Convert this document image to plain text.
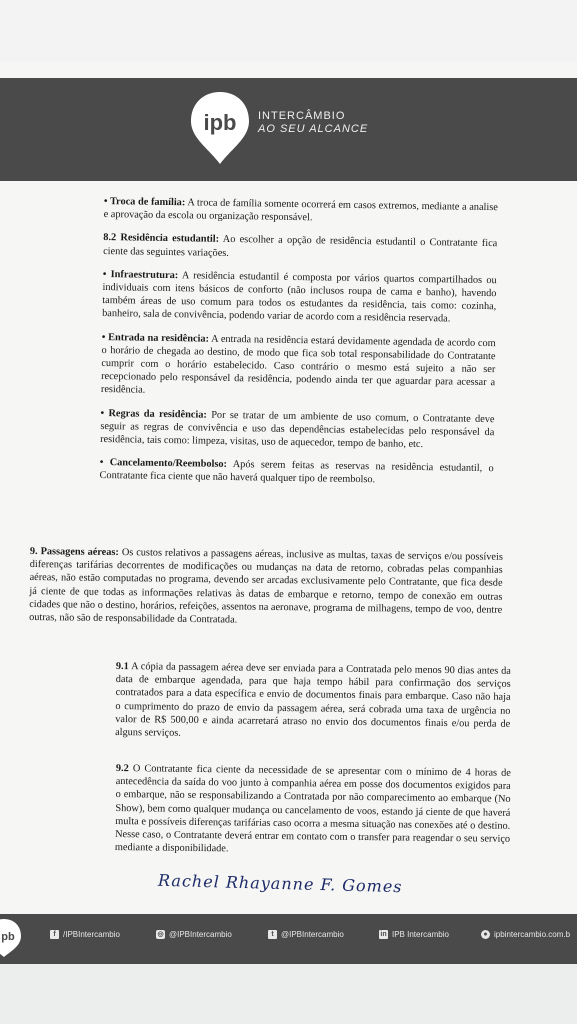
ipb INTERCÂMBIO
AO SEU ALCANCE

• Troca de família: A troca de família somente ocorrerá em casos extremos, mediante a analise e aprovação da escola ou organização responsável.

8.2 Residência estudantil: Ao escolher a opção de residência estudantil o Contratante fica ciente das seguintes variações.

• Infraestrutura: A residência estudantil é composta por vários quartos compartilhados ou individuais com itens básicos de conforto (não inclusos roupa de cama e banho), havendo também áreas de uso comum para todos os estudantes da residência, tais como: cozinha, banheiro, sala de convivência, podendo variar de acordo com a residência reservada.

• Entrada na residência: A entrada na residência estará devidamente agendada de acordo com o horário de chegada ao destino, de modo que fica sob total responsabilidade do Contratante cumprir com o horário estabelecido. Caso contrário o mesmo está sujeito a não ser recepcionado pelo responsável da residência, podendo ainda ter que aguardar para acessar a residência.

• Regras da residência: Por se tratar de um ambiente de uso comum, o Contratante deve seguir as regras de convivência e uso das dependências estabelecidas pelo responsável da residência, tais como: limpeza, visitas, uso de aquecedor, tempo de banho, etc.

• Cancelamento/Reembolso: Após serem feitas as reservas na residência estudantil, o Contratante fica ciente que não haverá qualquer tipo de reembolso.

9. Passagens aéreas: Os custos relativos a passagens aéreas, inclusive as multas, taxas de serviços e/ou possíveis diferenças tarifárias decorrentes de modificações ou mudanças na data de retorno, cobradas pelas companhias aéreas, não estão computadas no programa, devendo ser arcadas exclusivamente pelo Contratante, que fica desde já ciente de que todas as informações relativas às datas de embarque e retorno, tempo de conexão em outras cidades que não o destino, horários, refeições, assentos na aeronave, programa de milhagens, tempo de voo, dentre outras, não são de responsabilidade da Contratada.

9.1 A cópia da passagem aérea deve ser enviada para a Contratada pelo menos 90 dias antes da data de embarque agendada, para que haja tempo hábil para confirmação dos serviços contratados para a data específica e envio de documentos finais para embarque. Caso não haja o cumprimento do prazo de envio da passagem aérea, será cobrada uma taxa de urgência no valor de R$ 500,00 e ainda acarretará atraso no envio dos documentos finais e/ou perda de alguns serviços.

9.2 O Contratante fica ciente da necessidade de se apresentar com o mínimo de 4 horas de antecedência da saída do voo junto à companhia aérea em posse dos documentos exigidos para o embarque, não se responsabilizando a Contratada por não comparecimento ao embarque (No Show), bem como qualquer mudança ou cancelamento de voos, estando já ciente de que haverá multa e possíveis diferenças tarifárias caso ocorra a mesma situação nas conexões até o destino. Nesse caso, o Contratante deverá entrar em contato com o transfer para reagendar o seu serviço mediante a disponibilidade.

Rachel Rhayanne F. Gomes
pb	f /IPBIntercambio	◎ @IPBIntercambio	t @IPBIntercambio	in IPB Intercambio	● ipbintercambio.com.b
